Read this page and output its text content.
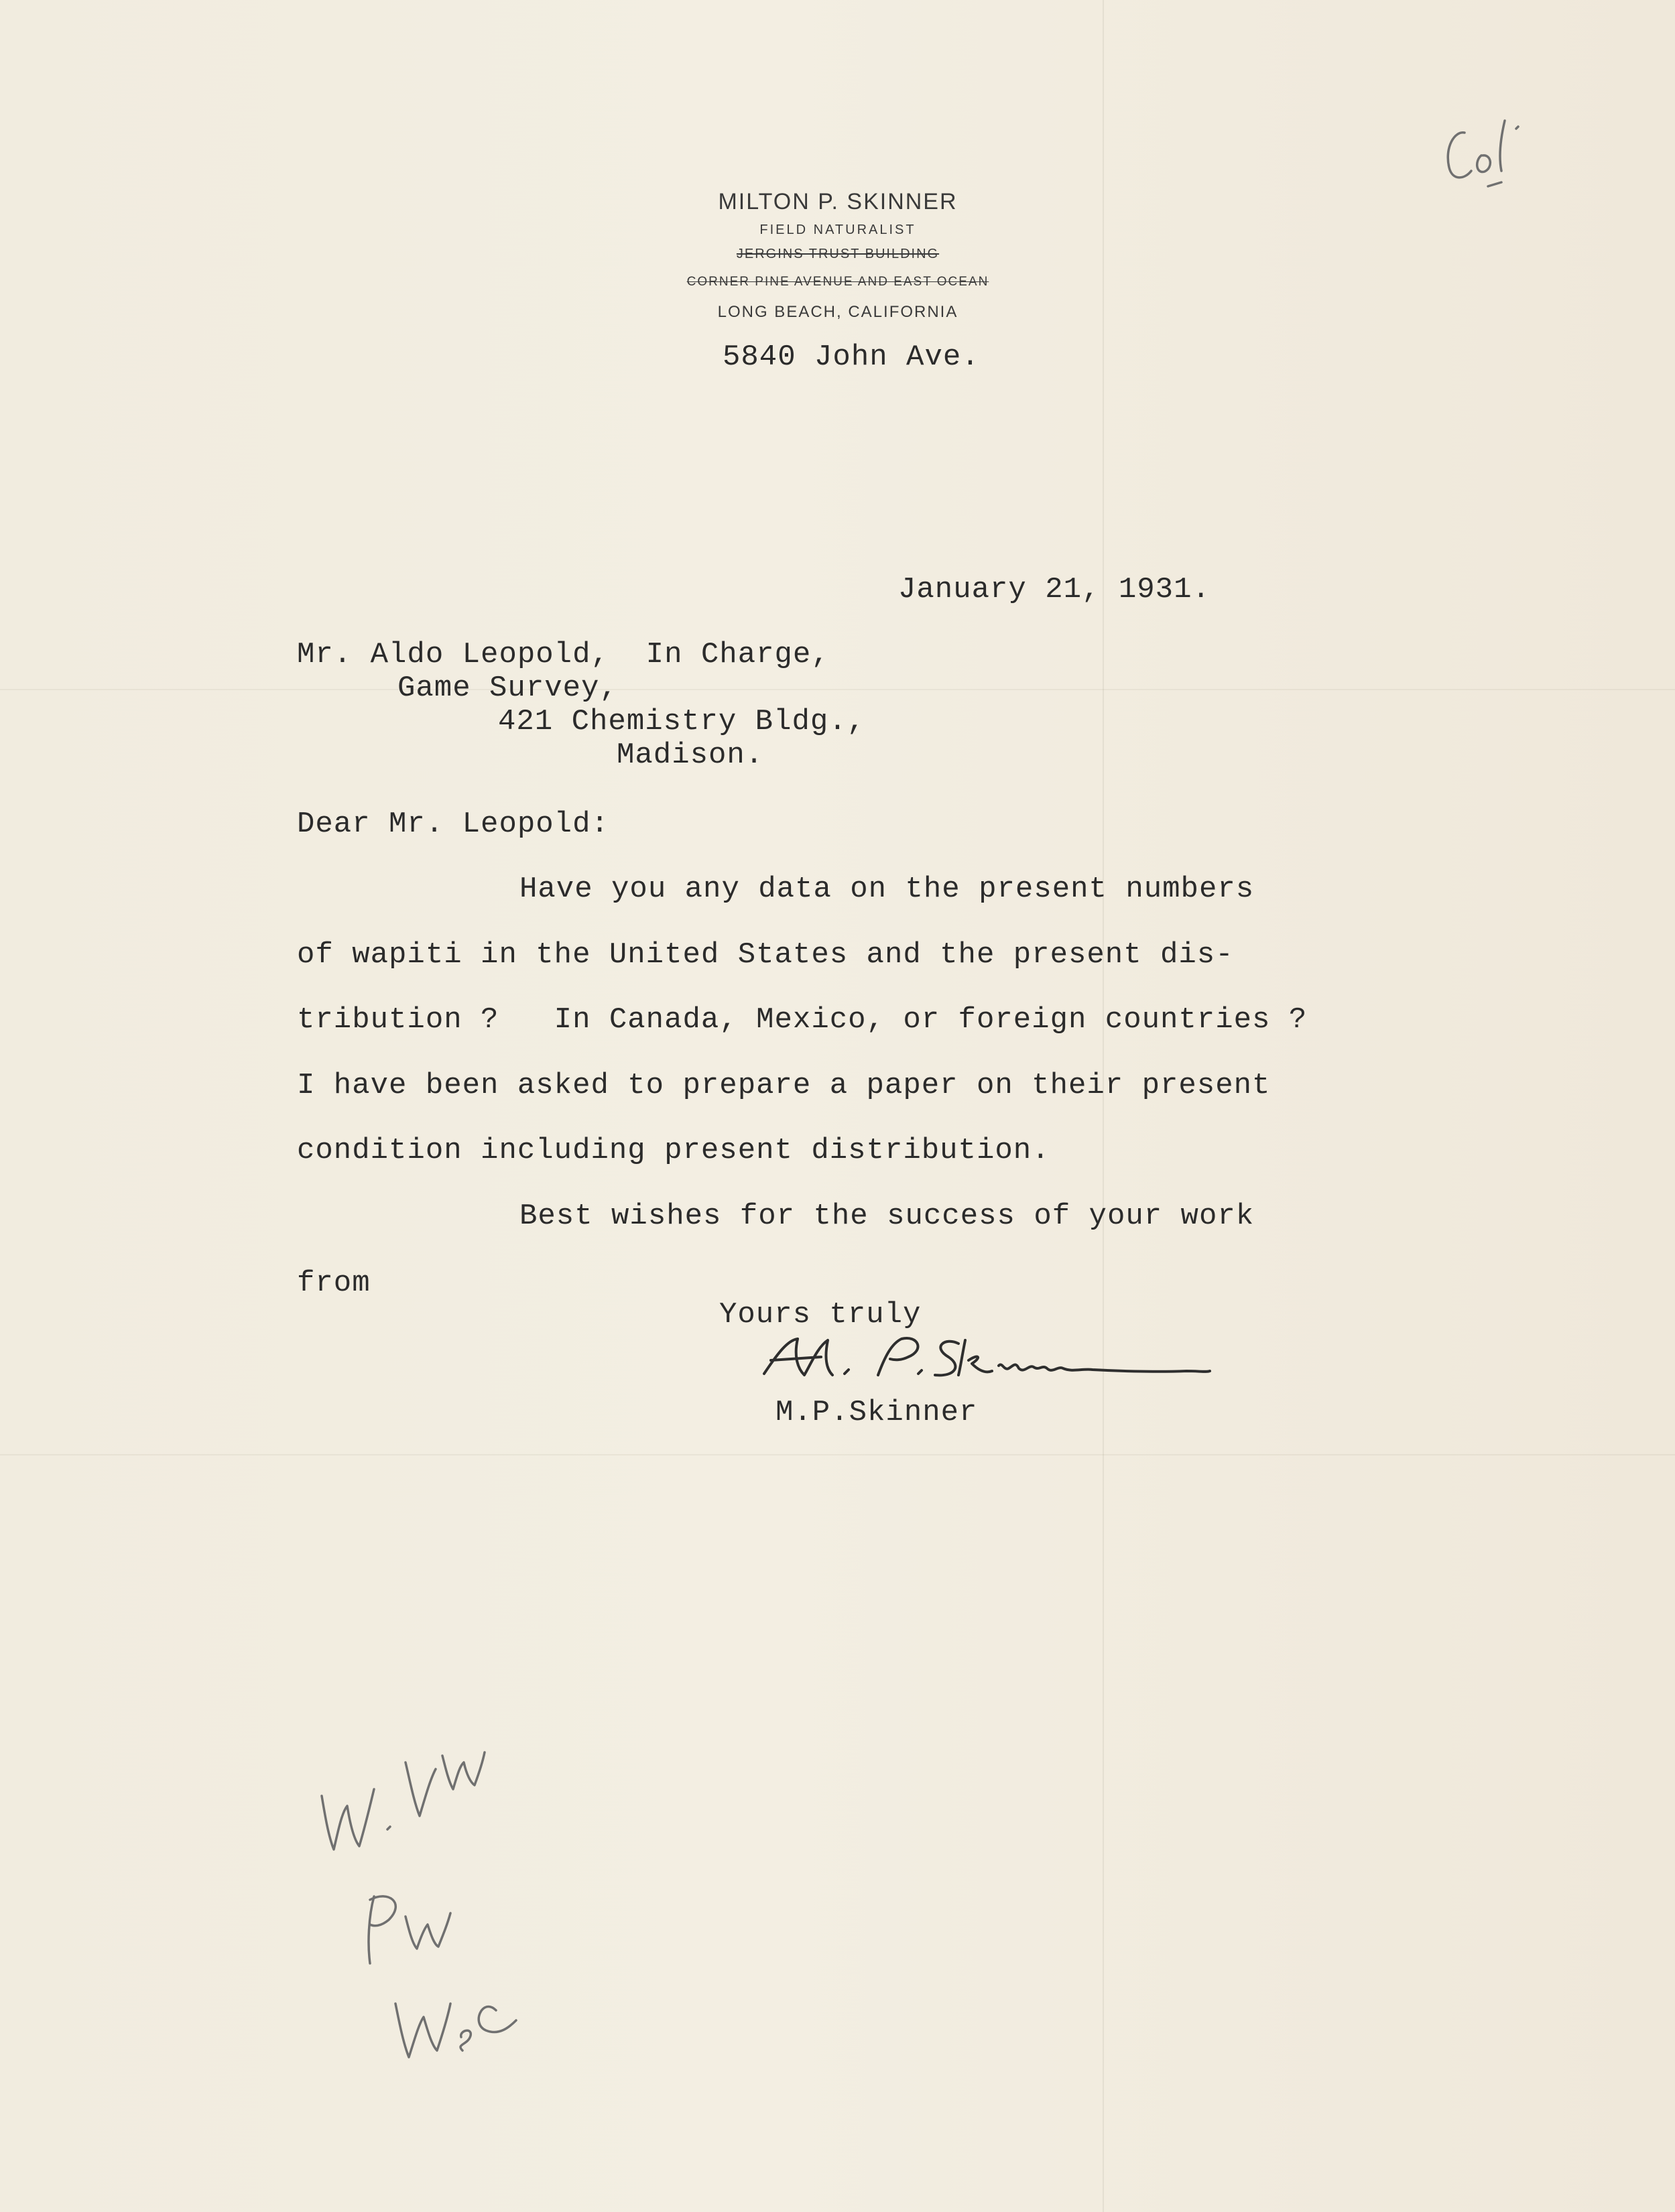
MILTON P. SKINNER
FIELD NATURALIST
JERGINS TRUST BUILDING
CORNER PINE AVENUE AND EAST OCEAN
LONG BEACH, CALIFORNIA
5840 John Ave.
January 21, 1931.
Mr. Aldo Leopold,  In Charge,
Game Survey,
421 Chemistry Bldg.,
Madison.
Dear Mr. Leopold:
Have you any data on the present numbers
of wapiti in the United States and the present dis-
tribution ?   In Canada, Mexico, or foreign countries ?
I have been asked to prepare a paper on their present
condition including present distribution.
Best wishes for the success of your work
from
Yours truly
M.P.Skinner
